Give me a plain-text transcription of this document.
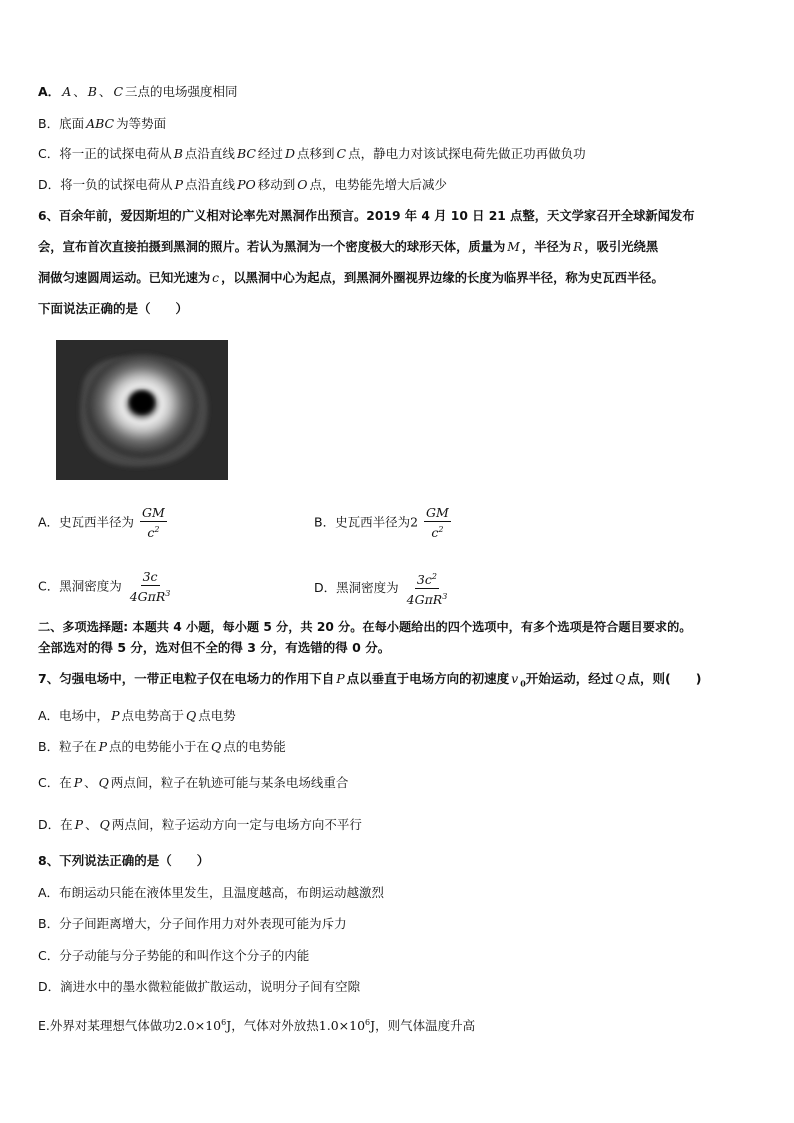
A． A 、 B 、 C 三点的电场强度相同
B．底面 ABC 为等势面
C．将一正的试探电荷从 B 点沿直线 BC 经过 D 点移到 C 点，静电力对该试探电荷先做正功再做负功
D．将一负的试探电荷从 P 点沿直线 PO 移动到 O 点，电势能先增大后减少
6、百余年前，爱因斯坦的广义相对论率先对黑洞作出预言。2019 年 4 月 10 日 21 点整，天文学家召开全球新闻发布
会，宣布首次直接拍摄到黑洞的照片。若认为黑洞为一个密度极大的球形天体，质量为 M ，半径为 R ，吸引光绕黑
洞做匀速圆周运动。已知光速为 c ，以黑洞中心为起点，到黑洞外圈视界边缘的长度为临界半径，称为史瓦西半径。
下面说法正确的是（　　）
A．史瓦西半径为 $\frac{GM}{c^2}$	B．史瓦西半径为$2 \frac{GM}{c^2}$
C．黑洞密度为 $\frac{3c}{4G\pi R^3}$	D．黑洞密度为 $\frac{3c^2}{4G\pi R^3}$
二、多项选择题: 本题共 4 小题，每小题 5 分，共 20 分。在每小题给出的四个选项中，有多个选项是符合题目要求的。
全部选对的得 5 分，选对但不全的得 3 分，有选错的得 0 分。
7、匀强电场中，一带正电粒子仅在电场力的作用下自 P 点以垂直于电场方向的初速度 v $_0$开始运动，经过 Q 点，则(　　)
A．电场中， P 点电势高于 Q 点电势
B．粒子在 P 点的电势能小于在 Q 点的电势能
C．在 P 、 Q 两点间，粒子在轨迹可能与某条电场线重合
D．在 P 、 Q 两点间，粒子运动方向一定与电场方向不平行
8、下列说法正确的是（　　）
A．布朗运动只能在液体里发生，且温度越高，布朗运动越激烈
B．分子间距离增大，分子间作用力对外表现可能为斥力
C．分子动能与分子势能的和叫作这个分子的内能
D．滴进水中的墨水微粒能做扩散运动，说明分子间有空隙
E.外界对某理想气体做功$2.0\times 10^6J$，气体对外放热$1.0\times 10^6J$，则气体温度升高
